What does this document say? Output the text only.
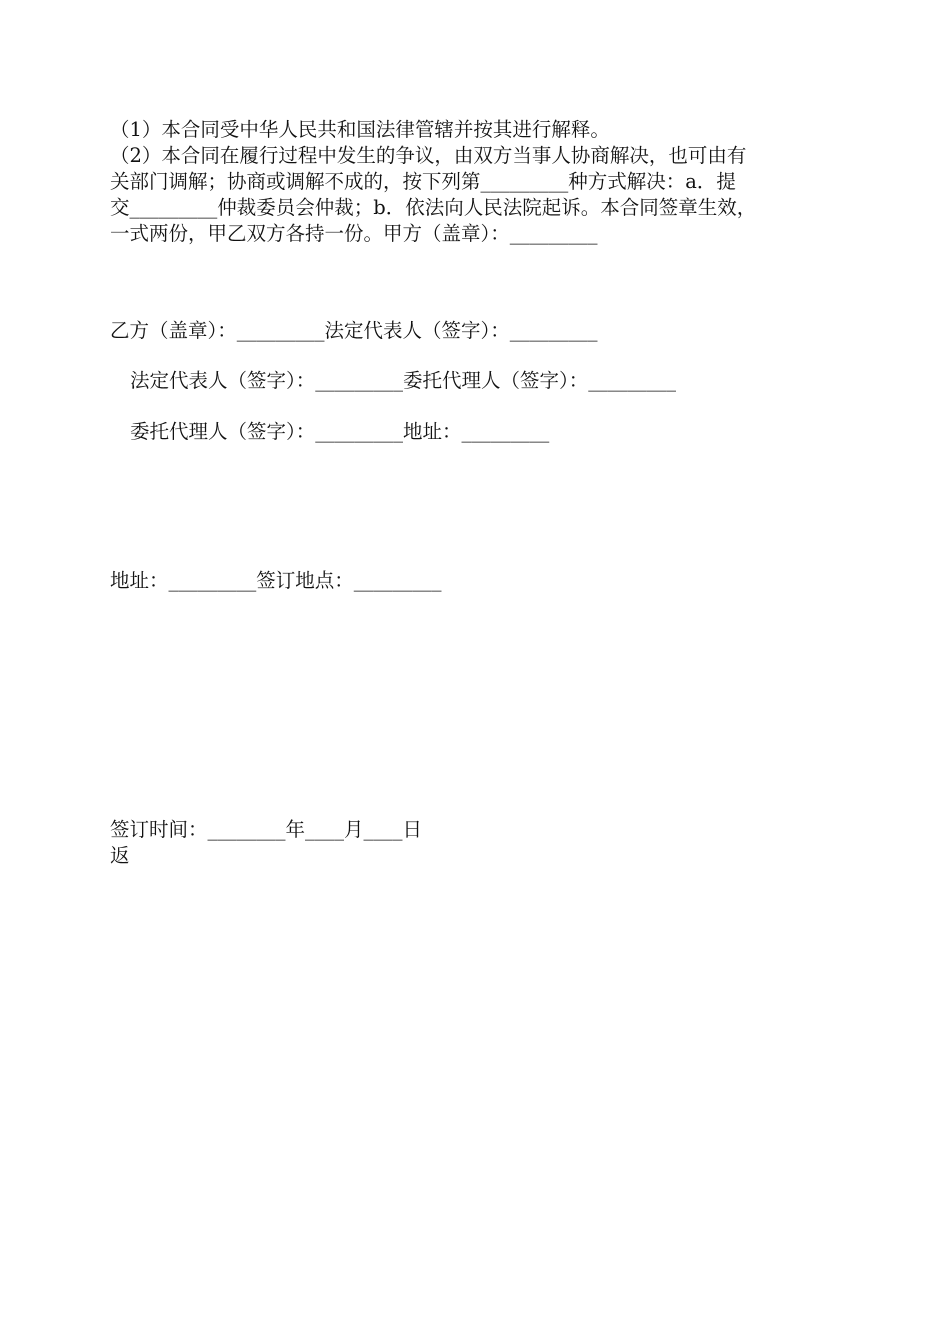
（1）本合同受中华人民共和国法律管辖并按其进行解释。
（2）本合同在履行过程中发生的争议，由双方当事人协商解决，也可由有
关部门调解；协商或调解不成的，按下列第_________种方式解决：a．提
交_________仲裁委员会仲裁；b．依法向人民法院起诉。本合同签章生效，
一式两份，甲乙双方各持一份。甲方（盖章）：_________
乙方（盖章）：_________法定代表人（签字）：_________
法定代表人（签字）：_________委托代理人（签字）：_________
委托代理人（签字）：_________地址：_________
地址：_________签订地点：_________
签订时间：________年____月____日
返
